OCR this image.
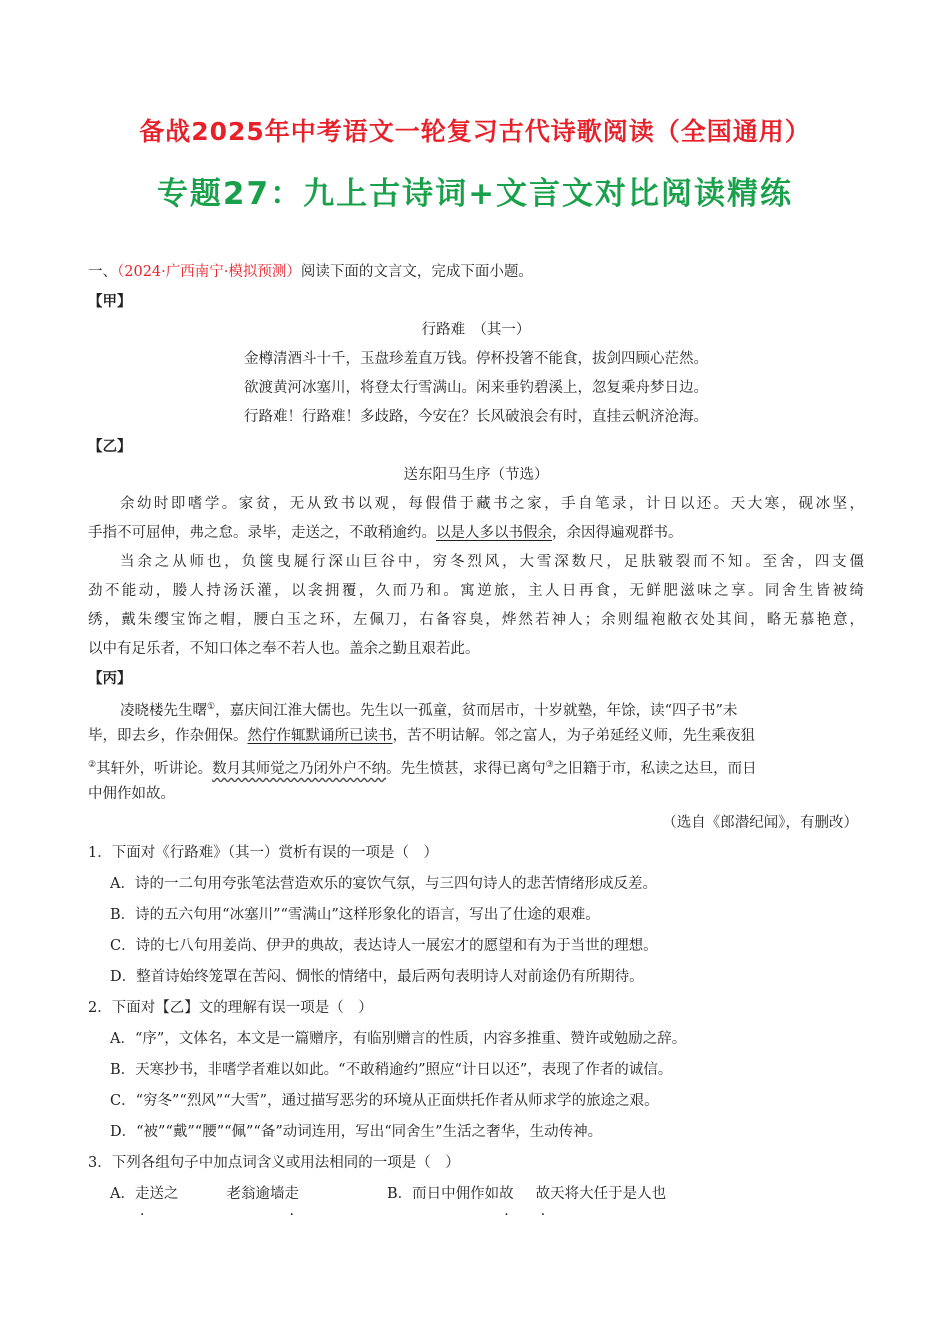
备战2025年中考语文一轮复习古代诗歌阅读（全国通用）
专题27：九上古诗词+文言文对比阅读精练
一、（2024·广西南宁·模拟预测）阅读下面的文言文，完成下面小题。
【甲】
行路难　（其一）
金樽清酒斗十千，玉盘珍羞直万钱。停杯投箸不能食，拔剑四顾心茫然。
欲渡黄河冰塞川，将登太行雪满山。闲来垂钓碧溪上，忽复乘舟梦日边。
行路难！行路难！多歧路，今安在？长风破浪会有时，直挂云帆济沧海。
【乙】
送东阳马生序（节选）
余幼时即嗜学。家贫，无从致书以观，每假借于藏书之家，手自笔录，计日以还。天大寒，砚冰坚，
手指不可屈伸，弗之怠。录毕，走送之，不敢稍逾约。以是人多以书假余，余因得遍观群书。
当余之从师也，负箧曳屣行深山巨谷中，穷冬烈风，大雪深数尺，足肤皲裂而不知。至舍，四支僵
劲不能动，媵人持汤沃灌，以衾拥覆，久而乃和。寓逆旅，主人日再食，无鲜肥滋味之享。同舍生皆被绮
绣，戴朱缨宝饰之帽，腰白玉之环，左佩刀，右备容臭，烨然若神人；余则缊袍敝衣处其间，略无慕艳意，
以中有足乐者，不知口体之奉不若人也。盖余之勤且艰若此。
【丙】
凌晓楼先生曙①，嘉庆间江淮大儒也。先生以一孤童，贫而居市，十岁就塾，年馀，读“四子书”未
毕，即去乡，作杂佣保。然佇作辄默诵所已读书，苦不明诂解。邻之富人，为子弟延经义师，先生乘夜狙
②其轩外，听讲论。数月其师觉之乃闭外户不纳。先生愤甚，求得已离句③之旧籍于市，私读之达旦，而日
中佣作如故。
（选自《郎潜纪闻》，有删改）
1．下面对《行路难》（其一）赏析有误的一项是（　）
A．诗的一二句用夸张笔法营造欢乐的宴饮气氛，与三四句诗人的悲苦情绪形成反差。
B．诗的五六句用“冰塞川”“雪满山”这样形象化的语言，写出了仕途的艰难。
C．诗的七八句用姜尚、伊尹的典故，表达诗人一展宏才的愿望和有为于当世的理想。
D．整首诗始终笼罩在苦闷、惆怅的情绪中，最后两句表明诗人对前途仍有所期待。
2．下面对【乙】文的理解有误一项是（　）
A．“序”，文体名，本文是一篇赠序，有临别赠言的性质，内容多推重、赞许或勉励之辞。
B．天寒抄书，非嗜学者难以如此。“不敢稍逾约”照应“计日以还”，表现了作者的诚信。
C．“穷冬”“烈风”“大雪”，通过描写恶劣的环境从正面烘托作者从师求学的旅途之艰。
D．“被”“戴”“腰”“佩”“备”动词连用，写出“同舍生”生活之奢华，生动传神。
3．下列各组句子中加点词含义或用法相同的一项是（　）
A．走送之	老翁逾墙走	B．而日中佣作如故 故天将大任于是人也
